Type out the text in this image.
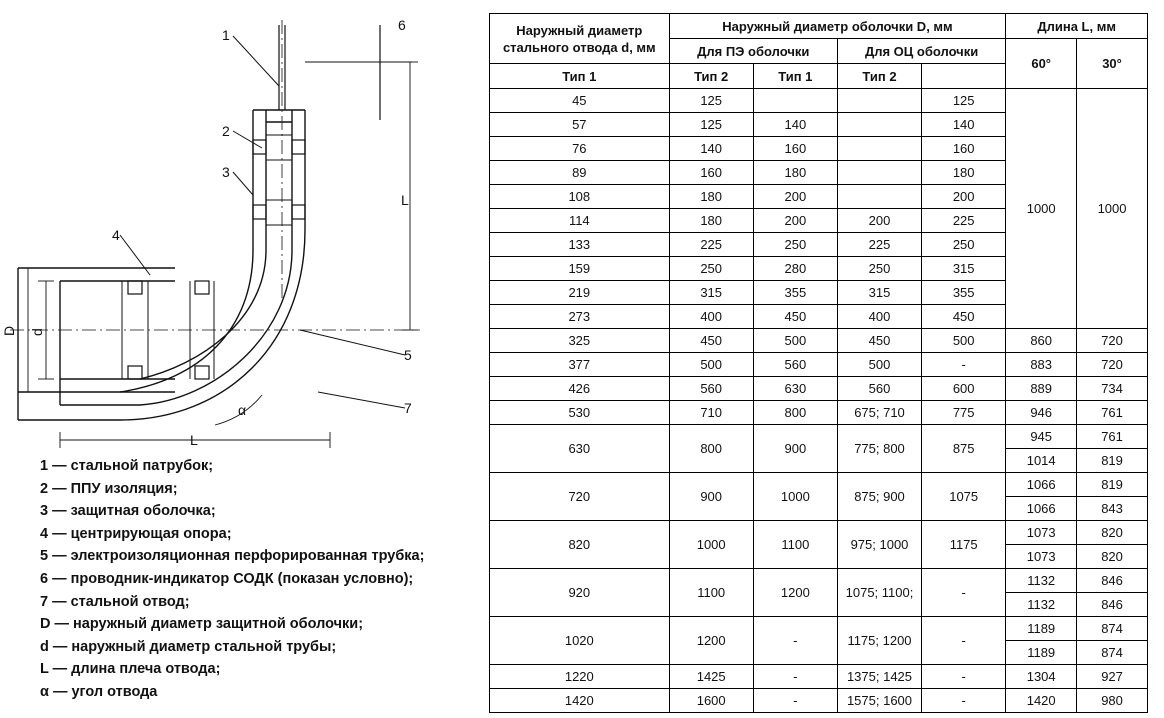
1
2
3
4
5
6
7
L
L
D d
α
1 — стальной патрубок;
2 — ППУ изоляция;
3 — защитная оболочка;
4 — центрирующая опора;
5 — электроизоляционная перфорированная трубка;
6 — проводник-индикатор СОДК (показан условно);
7 — стальной отвод;
D — наружный диаметр защитной оболочки;
d — наружный диаметр стальной трубы;
L — длина плеча отвода;
α — угол отвода
Наружный диаметр стального отвода d, мм	Наружный диаметр оболочки D, мм				Длина L, мм	
	Для ПЭ оболочки		Для ОЦ оболочки		60°	30°
Тип 1	Тип 2	Тип 1	Тип 2			
45	125			125	1000	1000
57	125	140		140		
76	140	160		160		
89	160	180		180		
108	180	200		200		
114	180	200	200	225		
133	225	250	225	250		
159	250	280	250	315		
219	315	355	315	355		
273	400	450	400	450		
325	450	500	450	500	860	720
377	500	560	500	-	883	720
426	560	630	560	600	889	734
530	710	800	675; 710	775	946	761
630	800	900	775; 800	875	945	761
					1014	819
720	900	1000	875; 900	1075	1066	819
					1066	843
820	1000	1100	975; 1000	1175	1073	820
					1073	820
920	1100	1200	1075; 1100;	-	1132	846
					1132	846
1020	1200	-	1175; 1200	-	1189	874
					1189	874
1220	1425	-	1375; 1425	-	1304	927
1420	1600	-	1575; 1600	-	1420	980
